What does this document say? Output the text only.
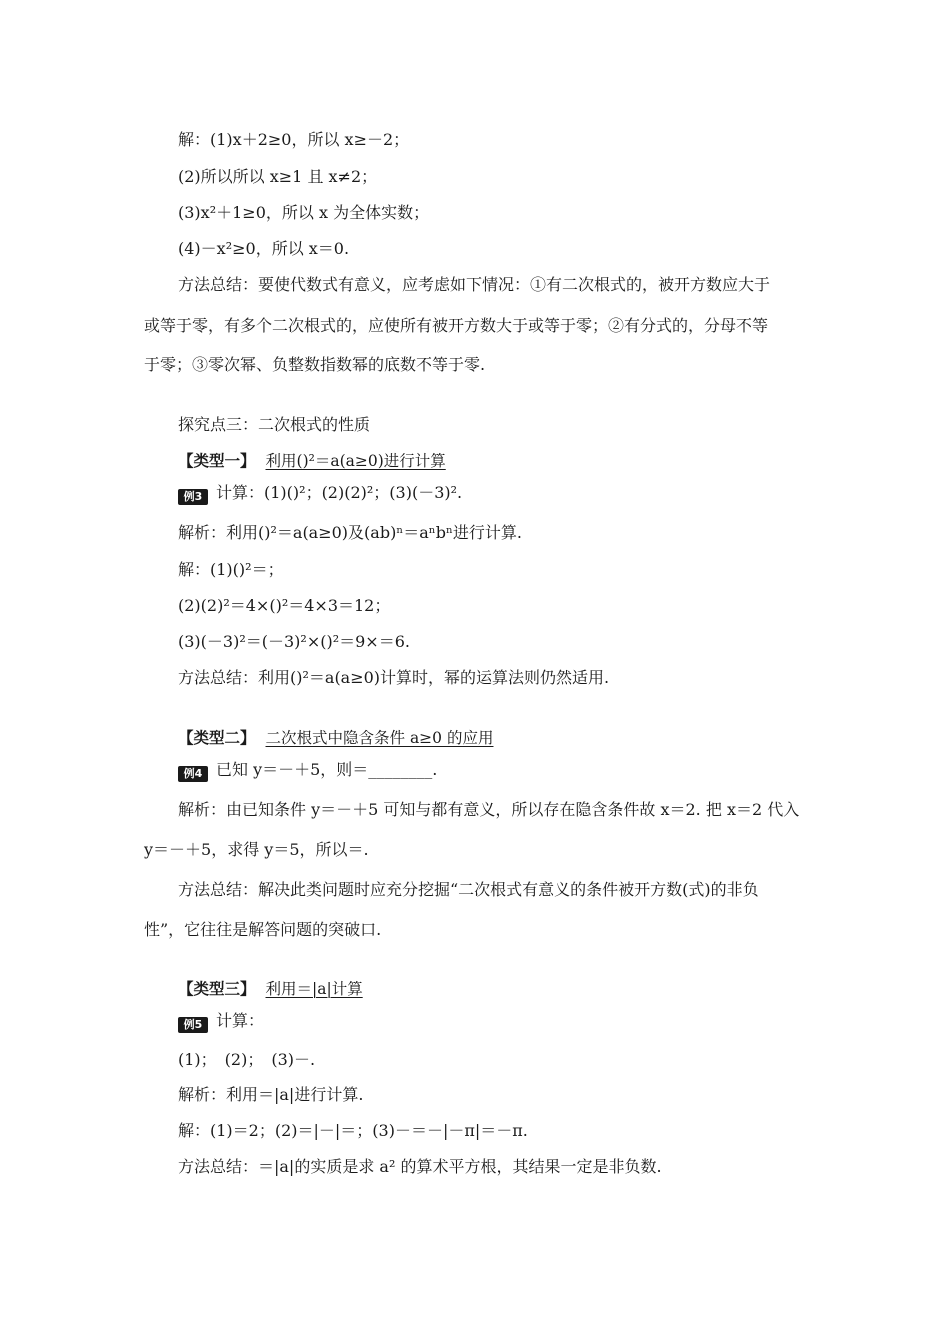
解：(1)x＋2≥0，所以 x≥－2；
(2)所以所以 x≥1 且 x≠2；
(3)x²＋1≥0，所以 x 为全体实数；
(4)－x²≥0，所以 x＝0.
方法总结：要使代数式有意义，应考虑如下情况：①有二次根式的，被开方数应大于
或等于零，有多个二次根式的，应使所有被开方数大于或等于零；②有分式的，分母不等
于零；③零次幂、负整数指数幂的底数不等于零.
探究点三：二次根式的性质
【类型一】 利用()²＝a(a≥0)进行计算
例3 计算：(1)()²；(2)(2)²；(3)(－3)².
解析：利用()²＝a(a≥0)及(ab)ⁿ＝aⁿbⁿ进行计算.
解：(1)()²＝；
(2)(2)²＝4×()²＝4×3＝12；
(3)(－3)²＝(－3)²×()²＝9×＝6.
方法总结：利用()²＝a(a≥0)计算时，幂的运算法则仍然适用.
【类型二】 二次根式中隐含条件 a≥0 的应用
例4 已知 y＝－＋5，则＝________.
解析：由已知条件 y＝－＋5 可知与都有意义，所以存在隐含条件故 x＝2. 把 x＝2 代入
y＝－＋5，求得 y＝5，所以＝.
方法总结：解决此类问题时应充分挖掘“二次根式有意义的条件被开方数(式)的非负
性”，它往往是解答问题的突破口.
【类型三】 利用＝|a|计算
例5 计算：
(1)；　(2)；　(3)－.
解析：利用＝|a|进行计算.
解：(1)＝2；(2)＝|－|＝；(3)－＝－|－π|＝－π.
方法总结：＝|a|的实质是求 a² 的算术平方根，其结果一定是非负数.
